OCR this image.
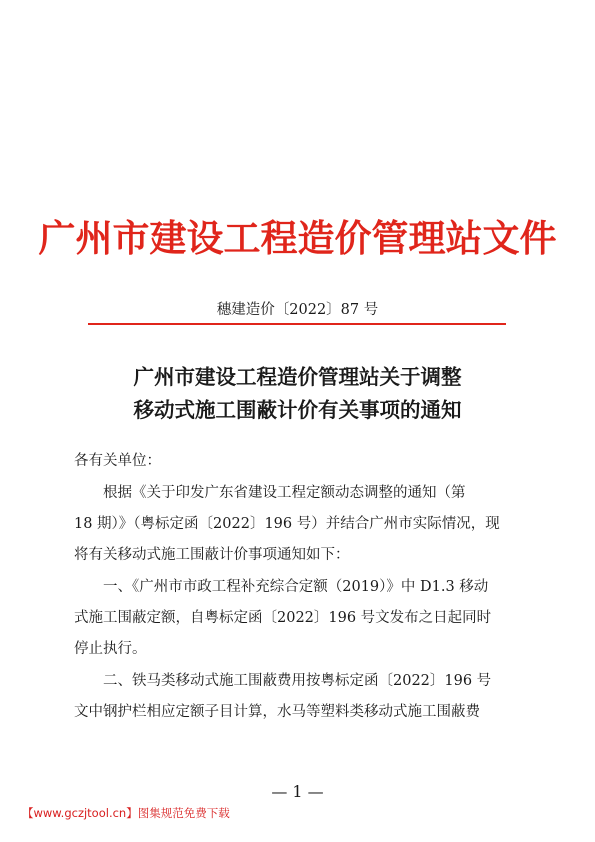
广州市建设工程造价管理站文件
穗建造价〔2022〕87 号
广州市建设工程造价管理站关于调整
移动式施工围蔽计价有关事项的通知
各有关单位：
　　根据《关于印发广东省建设工程定额动态调整的通知（第
18 期）》（粤标定函〔2022〕196 号）并结合广州市实际情况，现
将有关移动式施工围蔽计价事项通知如下：
　　一、《广州市市政工程补充综合定额（2019）》中 D1.3 移动
式施工围蔽定额，自粤标定函〔2022〕196 号文发布之日起同时
停止执行。
　　二、铁马类移动式施工围蔽费用按粤标定函〔2022〕196 号
文中钢护栏相应定额子目计算，水马等塑料类移动式施工围蔽费
— 1 —
【www.gczjtool.cn】图集规范免费下载
